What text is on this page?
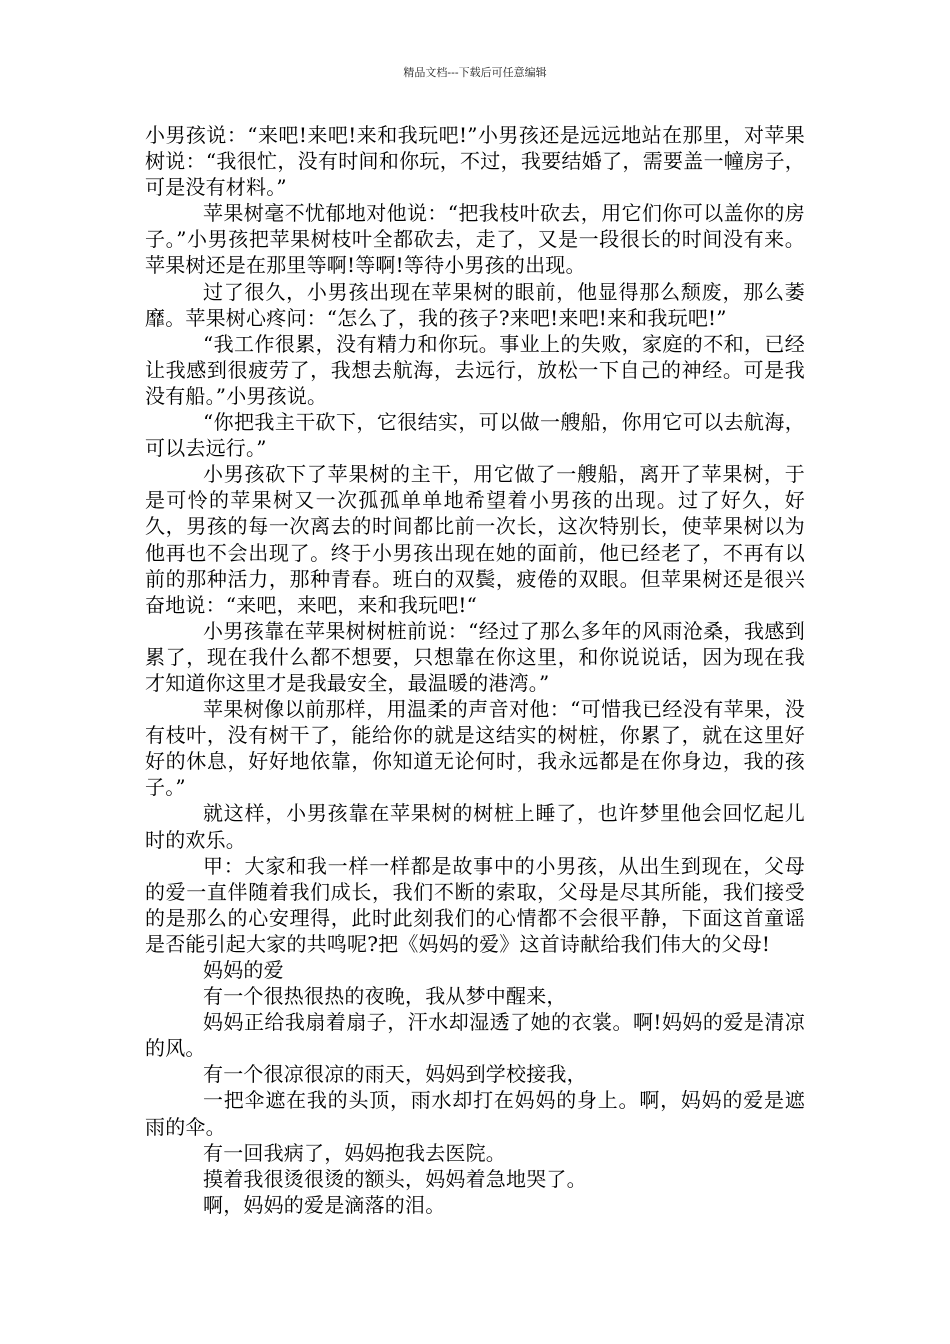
精品文档---下载后可任意编辑

小男孩说：“来吧!来吧!来和我玩吧!”小男孩还是远远地站在那里，对苹果树说：“我很忙，没有时间和你玩，不过，我要结婚了，需要盖一幢房子，可是没有材料。”

苹果树毫不忧郁地对他说：“把我枝叶砍去，用它们你可以盖你的房子。”小男孩把苹果树枝叶全都砍去，走了，又是一段很长的时间没有来。苹果树还是在那里等啊!等啊!等待小男孩的出现。

过了很久，小男孩出现在苹果树的眼前，他显得那么颓废，那么萎靡。苹果树心疼问：“怎么了，我的孩子?来吧!来吧!来和我玩吧!”

“我工作很累，没有精力和你玩。事业上的失败，家庭的不和，已经让我感到很疲劳了，我想去航海，去远行，放松一下自己的神经。可是我没有船。”小男孩说。

“你把我主干砍下，它很结实，可以做一艘船，你用它可以去航海，可以去远行。”

小男孩砍下了苹果树的主干，用它做了一艘船，离开了苹果树，于是可怜的苹果树又一次孤孤单单地希望着小男孩的出现。过了好久，好久，男孩的每一次离去的时间都比前一次长，这次特别长，使苹果树以为他再也不会出现了。终于小男孩出现在她的面前，他已经老了，不再有以前的那种活力，那种青春。班白的双鬓，疲倦的双眼。但苹果树还是很兴奋地说：“来吧，来吧，来和我玩吧!“

小男孩靠在苹果树树桩前说：“经过了那么多年的风雨沧桑，我感到累了，现在我什么都不想要，只想靠在你这里，和你说说话，因为现在我才知道你这里才是我最安全，最温暖的港湾。”

苹果树像以前那样，用温柔的声音对他：“可惜我已经没有苹果，没有枝叶，没有树干了，能给你的就是这结实的树桩，你累了，就在这里好好的休息，好好地依靠，你知道无论何时，我永远都是在你身边，我的孩子。”

就这样，小男孩靠在苹果树的树桩上睡了，也许梦里他会回忆起儿时的欢乐。

甲：大家和我一样一样都是故事中的小男孩，从出生到现在，父母的爱一直伴随着我们成长，我们不断的索取，父母是尽其所能，我们接受的是那么的心安理得，此时此刻我们的心情都不会很平静，下面这首童谣是否能引起大家的共鸣呢?把《妈妈的爱》这首诗献给我们伟大的父母!

妈妈的爱

有一个很热很热的夜晚，我从梦中醒来，

妈妈正给我扇着扇子，汗水却湿透了她的衣裳。啊!妈妈的爱是清凉的风。

有一个很凉很凉的雨天，妈妈到学校接我，

一把伞遮在我的头顶，雨水却打在妈妈的身上。啊，妈妈的爱是遮雨的伞。

有一回我病了，妈妈抱我去医院。

摸着我很烫很烫的额头，妈妈着急地哭了。

啊，妈妈的爱是滴落的泪。
